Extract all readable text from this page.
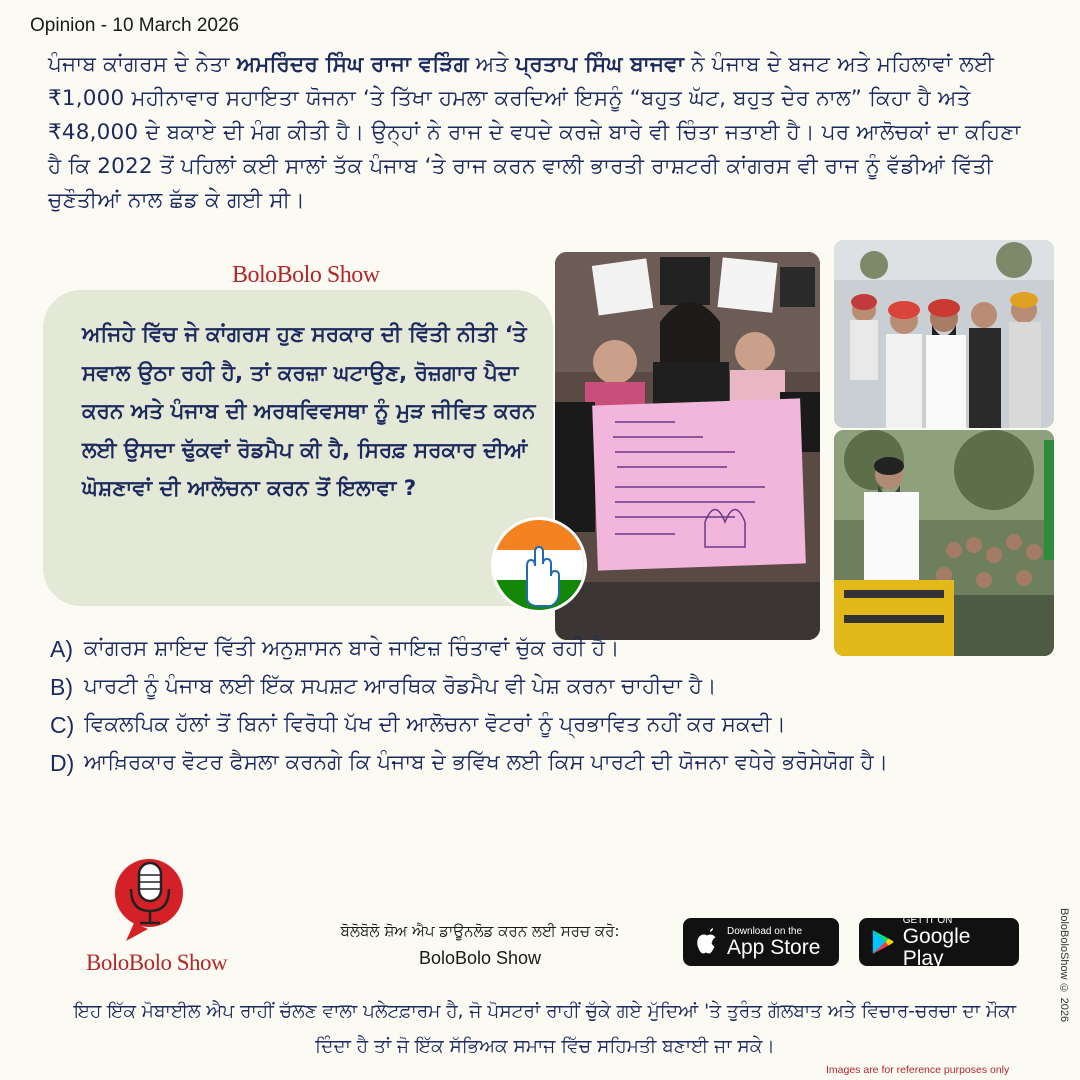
Opinion - 10 March 2026
ਪੰਜਾਬ ਕਾਂਗਰਸ ਦੇ ਨੇਤਾ ਅਮਰਿੰਦਰ ਸਿੰਘ ਰਾਜਾ ਵੜਿੰਗ ਅਤੇ ਪ੍ਰਤਾਪ ਸਿੰਘ ਬਾਜਵਾ ਨੇ ਪੰਜਾਬ ਦੇ ਬਜਟ ਅਤੇ ਮਹਿਲਾਵਾਂ ਲਈ ₹1,000 ਮਹੀਨਾਵਾਰ ਸਹਾਇਤਾ ਯੋਜਨਾ ‘ਤੇ ਤਿੱਖਾ ਹਮਲਾ ਕਰਦਿਆਂ ਇਸਨੂੰ “ਬਹੁਤ ਘੱਟ, ਬਹੁਤ ਦੇਰ ਨਾਲ” ਕਿਹਾ ਹੈ ਅਤੇ ₹48,000 ਦੇ ਬਕਾਏ ਦੀ ਮੰਗ ਕੀਤੀ ਹੈ। ਉਨ੍ਹਾਂ ਨੇ ਰਾਜ ਦੇ ਵਧਦੇ ਕਰਜ਼ੇ ਬਾਰੇ ਵੀ ਚਿੰਤਾ ਜਤਾਈ ਹੈ। ਪਰ ਆਲੋਚਕਾਂ ਦਾ ਕਹਿਣਾ ਹੈ ਕਿ 2022 ਤੋਂ ਪਹਿਲਾਂ ਕਈ ਸਾਲਾਂ ਤੱਕ ਪੰਜਾਬ ‘ਤੇ ਰਾਜ ਕਰਨ ਵਾਲੀ ਭਾਰਤੀ ਰਾਸ਼ਟਰੀ ਕਾਂਗਰਸ ਵੀ ਰਾਜ ਨੂੰ ਵੱਡੀਆਂ ਵਿੱਤੀ ਚੁਣੌਤੀਆਂ ਨਾਲ ਛੱਡ ਕੇ ਗਈ ਸੀ।
BoloBolo Show
ਅਜਿਹੇ ਵਿੱਚ ਜੇ ਕਾਂਗਰਸ ਹੁਣ ਸਰਕਾਰ ਦੀ ਵਿੱਤੀ ਨੀਤੀ ‘ਤੇ ਸਵਾਲ ਉਠਾ ਰਹੀ ਹੈ, ਤਾਂ ਕਰਜ਼ਾ ਘਟਾਉਣ, ਰੋਜ਼ਗਾਰ ਪੈਦਾ ਕਰਨ ਅਤੇ ਪੰਜਾਬ ਦੀ ਅਰਥਵਿਵਸਥਾ ਨੂੰ ਮੁੜ ਜੀਵਿਤ ਕਰਨ ਲਈ ਉਸਦਾ ਢੁੱਕਵਾਂ ਰੋਡਮੈਪ ਕੀ ਹੈ, ਸਿਰਫ਼ ਸਰਕਾਰ ਦੀਆਂ ਘੋਸ਼ਣਾਵਾਂ ਦੀ ਆਲੋਚਨਾ ਕਰਨ ਤੋਂ ਇਲਾਵਾ ?
A) ਕਾਂਗਰਸ ਸ਼ਾਇਦ ਵਿੱਤੀ ਅਨੁਸ਼ਾਸਨ ਬਾਰੇ ਜਾਇਜ਼ ਚਿੰਤਾਵਾਂ ਚੁੱਕ ਰਹੀ ਹੈ।
B) ਪਾਰਟੀ ਨੂੰ ਪੰਜਾਬ ਲਈ ਇੱਕ ਸਪਸ਼ਟ ਆਰਥਿਕ ਰੋਡਮੈਪ ਵੀ ਪੇਸ਼ ਕਰਨਾ ਚਾਹੀਦਾ ਹੈ।
C) ਵਿਕਲਪਿਕ ਹੱਲਾਂ ਤੋਂ ਬਿਨਾਂ ਵਿਰੋਧੀ ਪੱਖ ਦੀ ਆਲੋਚਨਾ ਵੋਟਰਾਂ ਨੂੰ ਪ੍ਰਭਾਵਿਤ ਨਹੀਂ ਕਰ ਸਕਦੀ।
D) ਆਖ਼ਿਰਕਾਰ ਵੋਟਰ ਫੈਸਲਾ ਕਰਨਗੇ ਕਿ ਪੰਜਾਬ ਦੇ ਭਵਿੱਖ ਲਈ ਕਿਸ ਪਾਰਟੀ ਦੀ ਯੋਜਨਾ ਵਧੇਰੇ ਭਰੋਸੇਯੋਗ ਹੈ।
BoloBolo Show
ਬੋਲੋਬੋਲੋ ਸ਼ੋਅ ਐਪ ਡਾਊਨਲੋਡ ਕਰਨ ਲਈ ਸਰਚ ਕਰੋ:
BoloBolo Show
Download on the
App Store
GET IT ON
Google Play
ਇਹ ਇੱਕ ਮੋਬਾਈਲ ਐਪ ਰਾਹੀਂ ਚੱਲਣ ਵਾਲਾ ਪਲੇਟਫ਼ਾਰਮ ਹੈ, ਜੋ ਪੋਸਟਰਾਂ ਰਾਹੀਂ ਚੁੱਕੇ ਗਏ ਮੁੱਦਿਆਂ 'ਤੇ ਤੁਰੰਤ ਗੱਲਬਾਤ ਅਤੇ ਵਿਚਾਰ-ਚਰਚਾ ਦਾ ਮੌਕਾ ਦਿੰਦਾ ਹੈ ਤਾਂ ਜੋ ਇੱਕ ਸੱਭਿਅਕ ਸਮਾਜ ਵਿੱਚ ਸਹਿਮਤੀ ਬਣਾਈ ਜਾ ਸਕੇ।
BoloBoloShow © 2026
Images are for reference purposes only
